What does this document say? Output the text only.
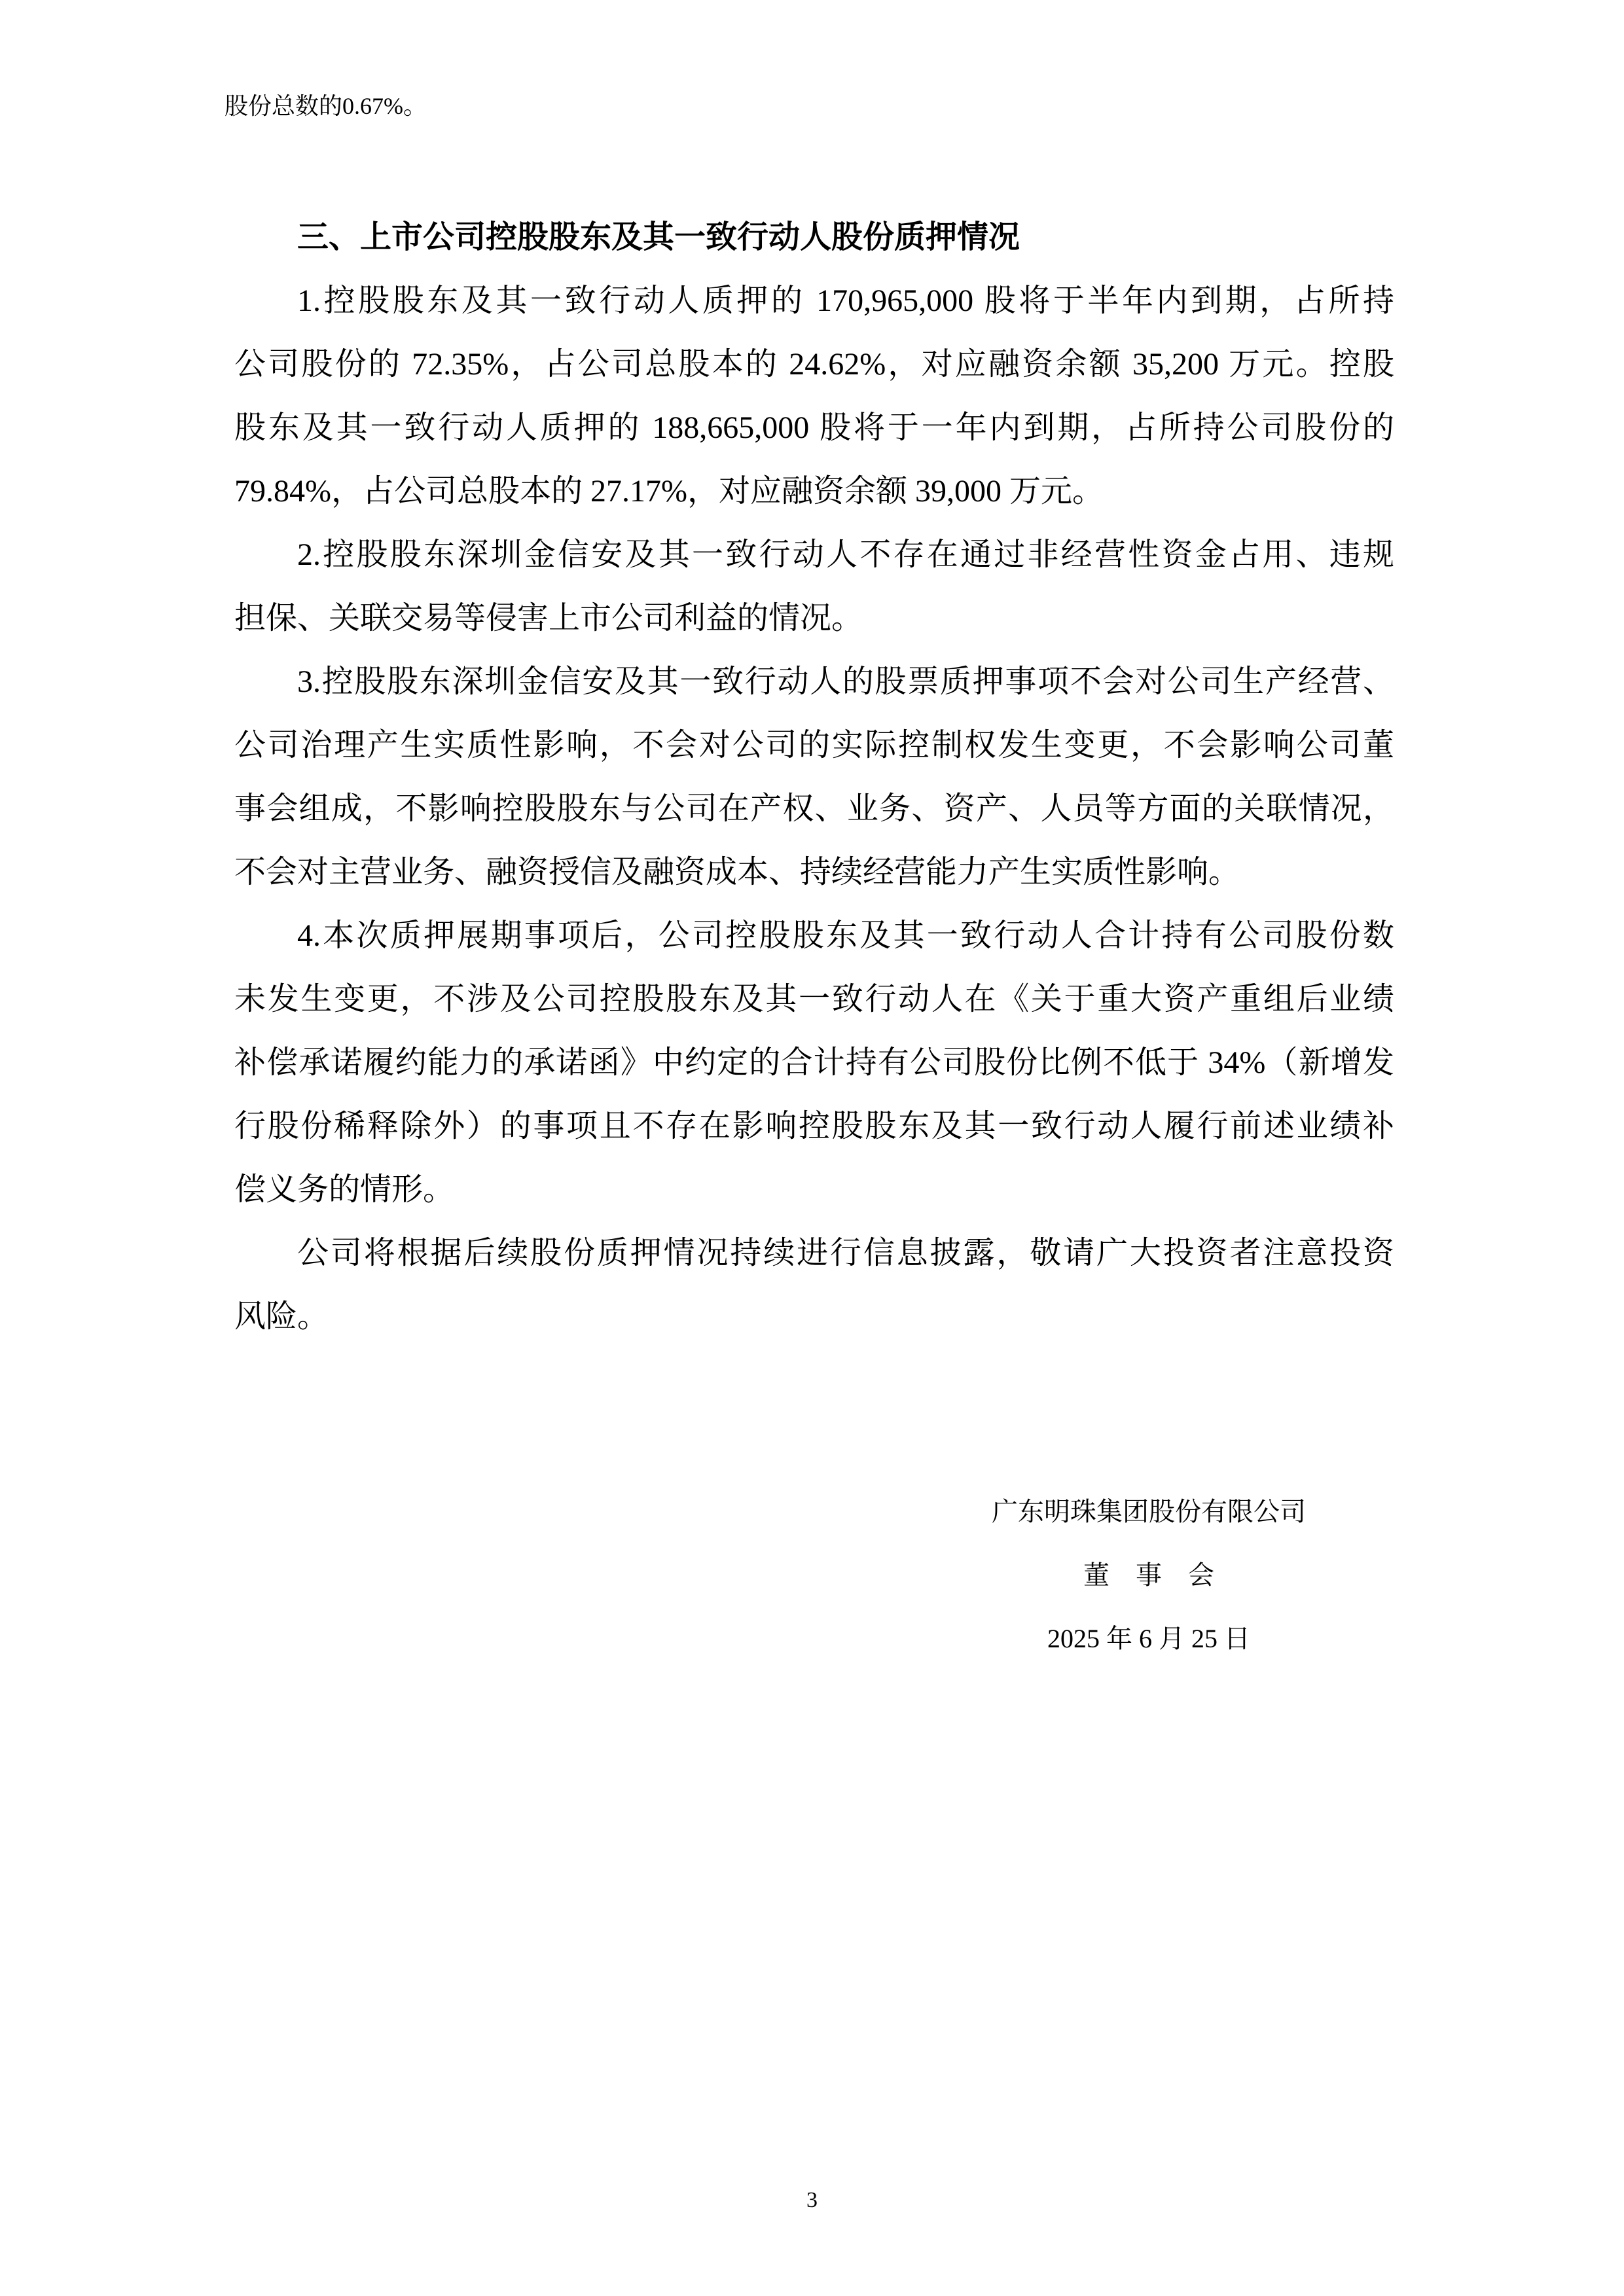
股份总数的0.67%。
三、上市公司控股股东及其一致行动人股份质押情况
1.控股股东及其一致行动人质押的 170,965,000 股将于半年内到期，占所持
公司股份的 72.35%，占公司总股本的 24.62%，对应融资余额 35,200 万元。控股
股东及其一致行动人质押的 188,665,000 股将于一年内到期，占所持公司股份的
79.84%，占公司总股本的 27.17%，对应融资余额 39,000 万元。
2.控股股东深圳金信安及其一致行动人不存在通过非经营性资金占用、违规
担保、关联交易等侵害上市公司利益的情况。
3.控股股东深圳金信安及其一致行动人的股票质押事项不会对公司生产经营、
公司治理产生实质性影响，不会对公司的实际控制权发生变更，不会影响公司董
事会组成，不影响控股股东与公司在产权、业务、资产、人员等方面的关联情况，
不会对主营业务、融资授信及融资成本、持续经营能力产生实质性影响。
4.本次质押展期事项后，公司控股股东及其一致行动人合计持有公司股份数
未发生变更，不涉及公司控股股东及其一致行动人在《关于重大资产重组后业绩
补偿承诺履约能力的承诺函》中约定的合计持有公司股份比例不低于 34%（新增发
行股份稀释除外）的事项且不存在影响控股股东及其一致行动人履行前述业绩补
偿义务的情形。
公司将根据后续股份质押情况持续进行信息披露，敬请广大投资者注意投资
风险。
广东明珠集团股份有限公司
董　事　会
2025 年 6 月 25 日
3
